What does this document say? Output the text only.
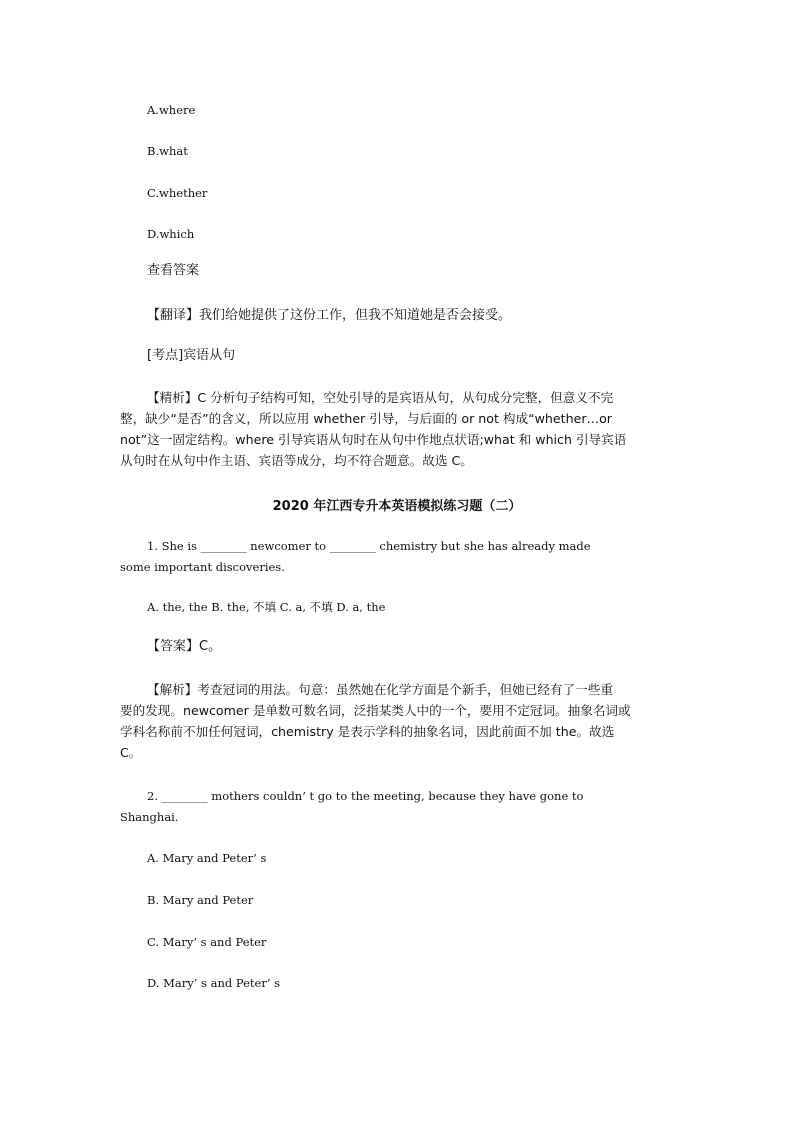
A.where
B.what
C.whether
D.which
查看答案
【翻译】我们给她提供了这份工作，但我不知道她是否会接受。
[考点]宾语从句

【精析】C 分析句子结构可知，空处引导的是宾语从句，从句成分完整，但意义不完

整，缺少“是否”的含义，所以应用 whether 引导，与后面的 or not 构成“whether…or

not”这一固定结构。where 引导宾语从句时在从句中作地点状语;what 和 which 引导宾语

从句时在从句中作主语、宾语等成分，均不符合题意。故选 C。

2020 年江西专升本英语模拟练习题（二）
1. She is ________ newcomer to ________ chemistry but she has already made
some important discoveries.
A. the, the B. the, 不填 C. a, 不填 D. a, the
【答案】C。

【解析】考查冠词的用法。句意：虽然她在化学方面是个新手，但她已经有了一些重

要的发现。newcomer 是单数可数名词，泛指某类人中的一个，要用不定冠词。抽象名词或

学科名称前不加任何冠词，chemistry 是表示学科的抽象名词，因此前面不加 the。故选

C。

2. ________ mothers couldn’ t go to the meeting, because they have gone to
Shanghai.
A. Mary and Peter’ s
B. Mary and Peter
C. Mary’ s and Peter
D. Mary’ s and Peter’ s
